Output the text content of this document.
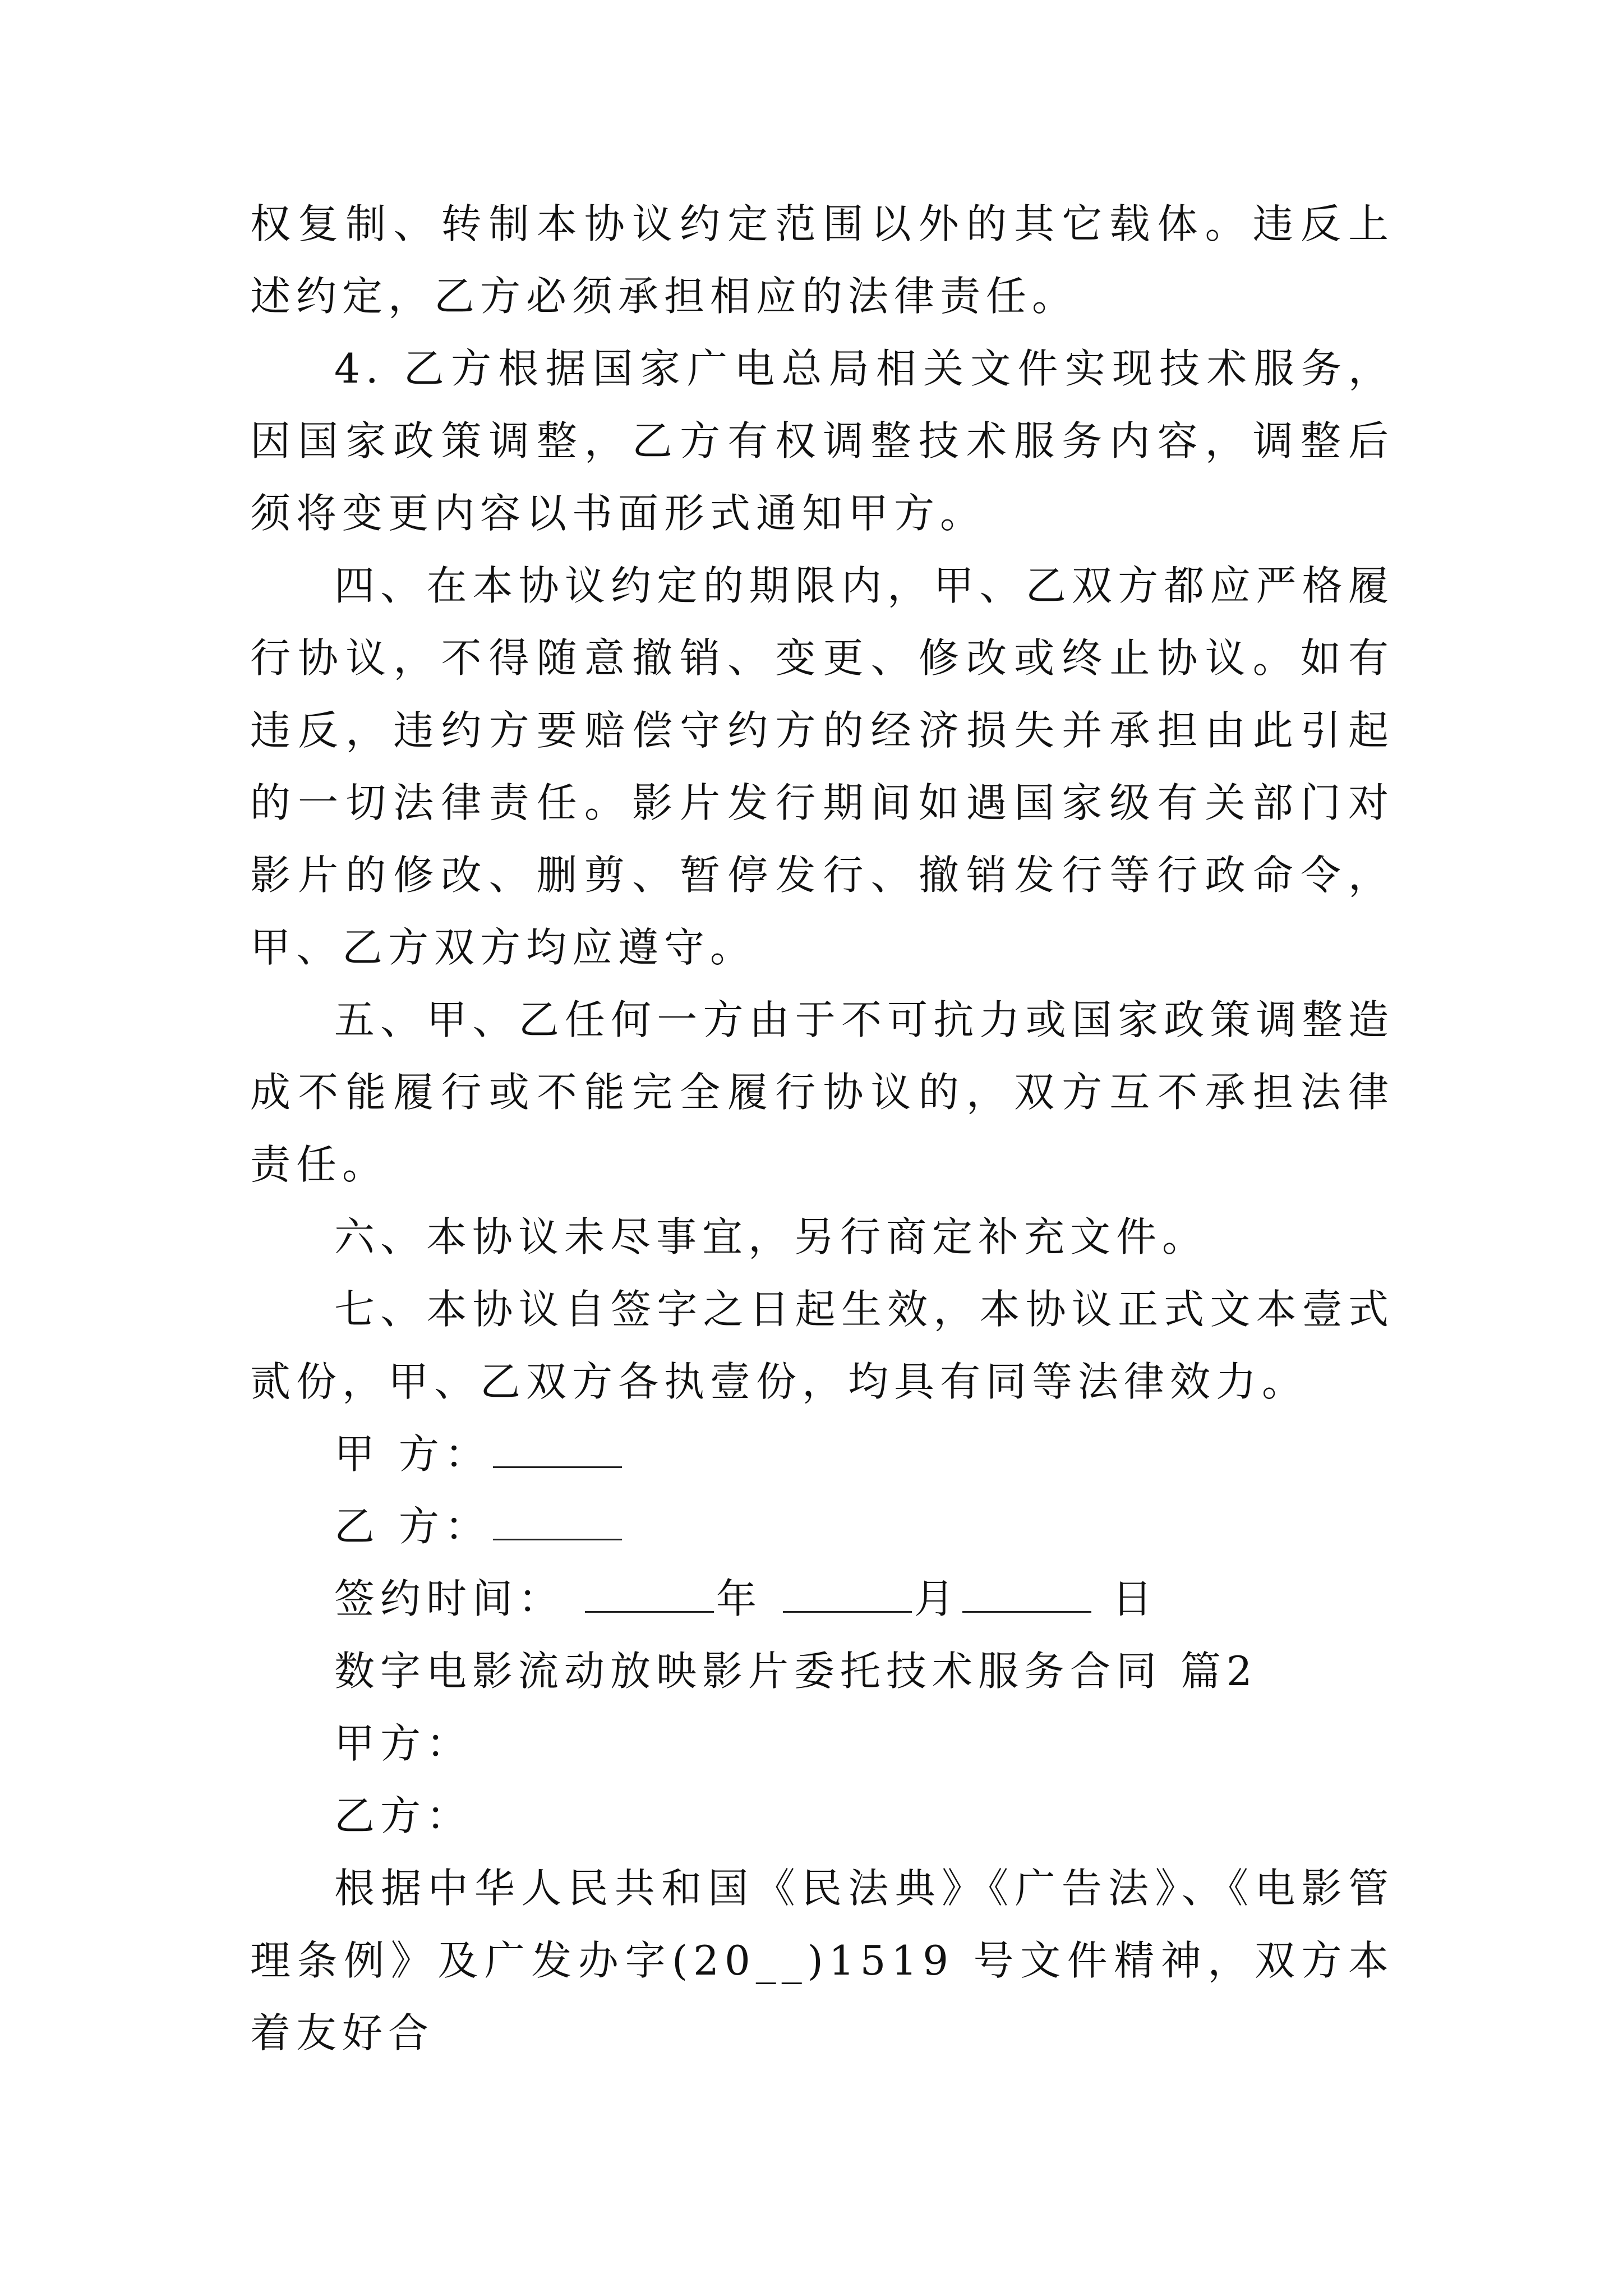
权复制、转制本协议约定范围以外的其它载体。违反上述约定，乙方必须承担相应的法律责任。

4. 乙方根据国家广电总局相关文件实现技术服务，因国家政策调整，乙方有权调整技术服务内容，调整后须将变更内容以书面形式通知甲方。

四、在本协议约定的期限内，甲、乙双方都应严格履行协议，不得随意撤销、变更、修改或终止协议。如有违反，违约方要赔偿守约方的经济损失并承担由此引起的一切法律责任。影片发行期间如遇国家级有关部门对影片的修改、删剪、暂停发行、撤销发行等行政命令，甲、乙方双方均应遵守。

五、甲、乙任何一方由于不可抗力或国家政策调整造成不能履行或不能完全履行协议的，双方互不承担法律责任。

六、本协议未尽事宜，另行商定补充文件。

七、本协议自签字之日起生效，本协议正式文本壹式贰份，甲、乙双方各执壹份，均具有同等法律效力。

甲 方：
乙 方：
签约时间：	年	月	日

数字电影流动放映影片委托技术服务合同 篇2

甲方：

乙方：

根据中华人民共和国《民法典》《广告法》、《电影管理条例》及广发办字(20__)1519 号文件精神，双方本着友好合
